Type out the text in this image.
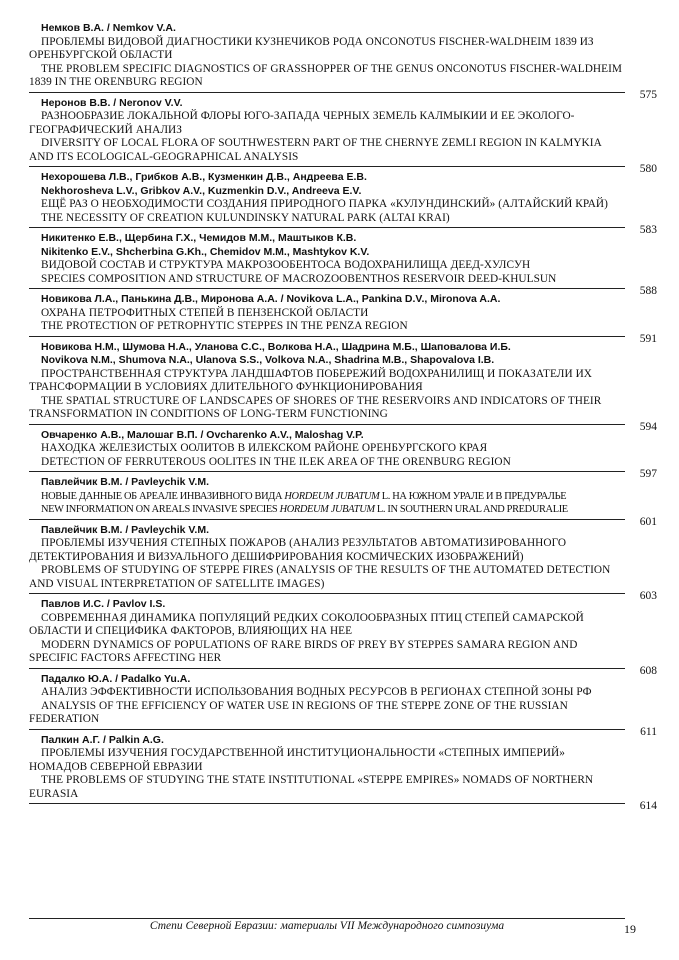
Немков В.А. / Nemkov V.A.
ПРОБЛЕМЫ ВИДОВОЙ ДИАГНОСТИКИ КУЗНЕЧИКОВ РОДА ONCONOTUS FISCHER-WALDHEIM 1839 ИЗ ОРЕНБУРГСКОЙ ОБЛАСТИ
THE PROBLEM SPECIFIC DIAGNOSTICS OF GRASSHOPPER OF THE GENUS ONCONOTUS FISCHER-WALDHEIM 1839 IN THE ORENBURG REGION
575
Неронов В.В. / Neronov V.V.
РАЗНООБРАЗИЕ ЛОКАЛЬНОЙ ФЛОРЫ ЮГО-ЗАПАДА ЧЕРНЫХ ЗЕМЕЛЬ КАЛМЫКИИ И ЕЕ ЭКОЛОГО-ГЕОГРАФИЧЕСКИЙ АНАЛИЗ
DIVERSITY OF LOCAL FLORA OF SOUTHWESTERN PART OF THE CHERNYE ZEMLI REGION IN KALMYKIA AND ITS ECOLOGICAL-GEOGRAPHICAL ANALYSIS
580
Нехорошева Л.В., Грибков А.В., Кузменкин Д.В., Андреева Е.В.
Nekhorosheva L.V., Gribkov A.V., Kuzmenkin D.V., Andreeva E.V.
ЕЩЁ РАЗ О НЕОБХОДИМОСТИ СОЗДАНИЯ ПРИРОДНОГО ПАРКА «КУЛУНДИНСКИЙ» (АЛТАЙСКИЙ КРАЙ)
THE NECESSITY OF CREATION KULUNDINSKY NATURAL PARK (ALTAI KRAI)
583
Никитенко Е.В., Щербина Г.Х., Чемидов М.М., Маштыков К.В.
Nikitenko E.V., Shcherbina G.Kh., Chemidov M.M., Mashtykov K.V.
ВИДОВОЙ СОСТАВ И СТРУКТУРА МАКРОЗООБЕНТОСА ВОДОХРАНИЛИЩА ДЕЕД-ХУЛСУН
SPECIES COMPOSITION AND STRUCTURE OF MACROZOOBENTHOS RESERVOIR DEED-KHULSUN
588
Новикова Л.А., Панькина Д.В., Миронова А.А. / Novikova L.A., Pankina D.V., Mironova A.A.
ОХРАНА ПЕТРОФИТНЫХ СТЕПЕЙ В ПЕНЗЕНСКОЙ ОБЛАСТИ
THE PROTECTION OF PETROPHYTIC STEPPES IN THE PENZA REGION
591
Новикова Н.М., Шумова Н.А., Уланова С.С., Волкова Н.А., Шадрина М.Б., Шаповалова И.Б.
Novikova N.M., Shumova N.A., Ulanova S.S., Volkova N.A., Shadrina M.B., Shapovalova I.B.
ПРОСТРАНСТВЕННАЯ СТРУКТУРА ЛАНДШАФТОВ ПОБЕРЕЖИЙ ВОДОХРАНИЛИЩ И ПОКАЗАТЕЛИ ИХ ТРАНСФОРМАЦИИ В УСЛОВИЯХ ДЛИТЕЛЬНОГО ФУНКЦИОНИРОВАНИЯ
THE SPATIAL STRUCTURE OF LANDSCAPES OF SHORES OF THE RESERVOIRS AND INDICATORS OF THEIR TRANSFORMATION IN CONDITIONS OF LONG-TERM FUNCTIONING
594
Овчаренко А.В., Малошаг В.П. / Ovcharenko A.V., Maloshag V.P.
НАХОДКА ЖЕЛЕЗИСТЫХ ООЛИТОВ В ИЛЕКСКОМ РАЙОНЕ ОРЕНБУРГСКОГО КРАЯ
DETECTION OF FERRUTEROUS OOLITES IN THE ILEK AREA OF THE ORENBURG REGION
597
Павлейчик В.М. / Pavleychik V.M.
НОВЫЕ ДАННЫЕ ОБ АРЕАЛЕ ИНВАЗИВНОГО ВИДА HORDEUM JUBATUM L. НА ЮЖНОМ УРАЛЕ И В ПРЕДУРАЛЬЕ
NEW INFORMATION ON AREALS INVASIVE SPECIES HORDEUM JUBATUM L. IN SOUTHERN URAL AND PREDURALIE
601
Павлейчик В.М. / Pavleychik V.M.
ПРОБЛЕМЫ ИЗУЧЕНИЯ СТЕПНЫХ ПОЖАРОВ (АНАЛИЗ РЕЗУЛЬТАТОВ АВТОМАТИЗИРОВАННОГО ДЕТЕКТИРОВАНИЯ И ВИЗУАЛЬНОГО ДЕШИФРИРОВАНИЯ КОСМИЧЕСКИХ ИЗОБРАЖЕНИЙ)
PROBLEMS OF STUDYING OF STEPPE FIRES (ANALYSIS OF THE RESULTS OF THE AUTOMATED DETECTION AND VISUAL INTERPRETATION OF SATELLITE IMAGES)
603
Павлов И.С. / Pavlov I.S.
СОВРЕМЕННАЯ ДИНАМИКА ПОПУЛЯЦИЙ РЕДКИХ СОКОЛООБРАЗНЫХ ПТИЦ СТЕПЕЙ САМАРСКОЙ ОБЛАСТИ И СПЕЦИФИКА ФАКТОРОВ, ВЛИЯЮЩИХ НА НЕЕ
MODERN DYNAMICS OF POPULATIONS OF RARE BIRDS OF PREY BY STEPPES SAMARA REGION AND SPECIFIC FACTORS AFFECTING HER
608
Падалко Ю.А. / Padalko Yu.A.
АНАЛИЗ ЭФФЕКТИВНОСТИ ИСПОЛЬЗОВАНИЯ ВОДНЫХ РЕСУРСОВ В РЕГИОНАХ СТЕПНОЙ ЗОНЫ РФ
ANALYSIS OF THE EFFICIENCY OF WATER USE IN REGIONS OF THE STEPPE ZONE OF THE RUSSIAN FEDERATION
611
Палкин А.Г. / Palkin A.G.
ПРОБЛЕМЫ ИЗУЧЕНИЯ ГОСУДАРСТВЕННОЙ ИНСТИТУЦИОНАЛЬНОСТИ «СТЕПНЫХ ИМПЕРИЙ» НОМАДОВ СЕВЕРНОЙ ЕВРАЗИИ
THE PROBLEMS OF STUDYING THE STATE INSTITUTIONAL «STEPPE EMPIRES» NOMADS OF NORTHERN EURASIA
614
Степи Северной Евразии: материалы VII Международного симпозиума	19
